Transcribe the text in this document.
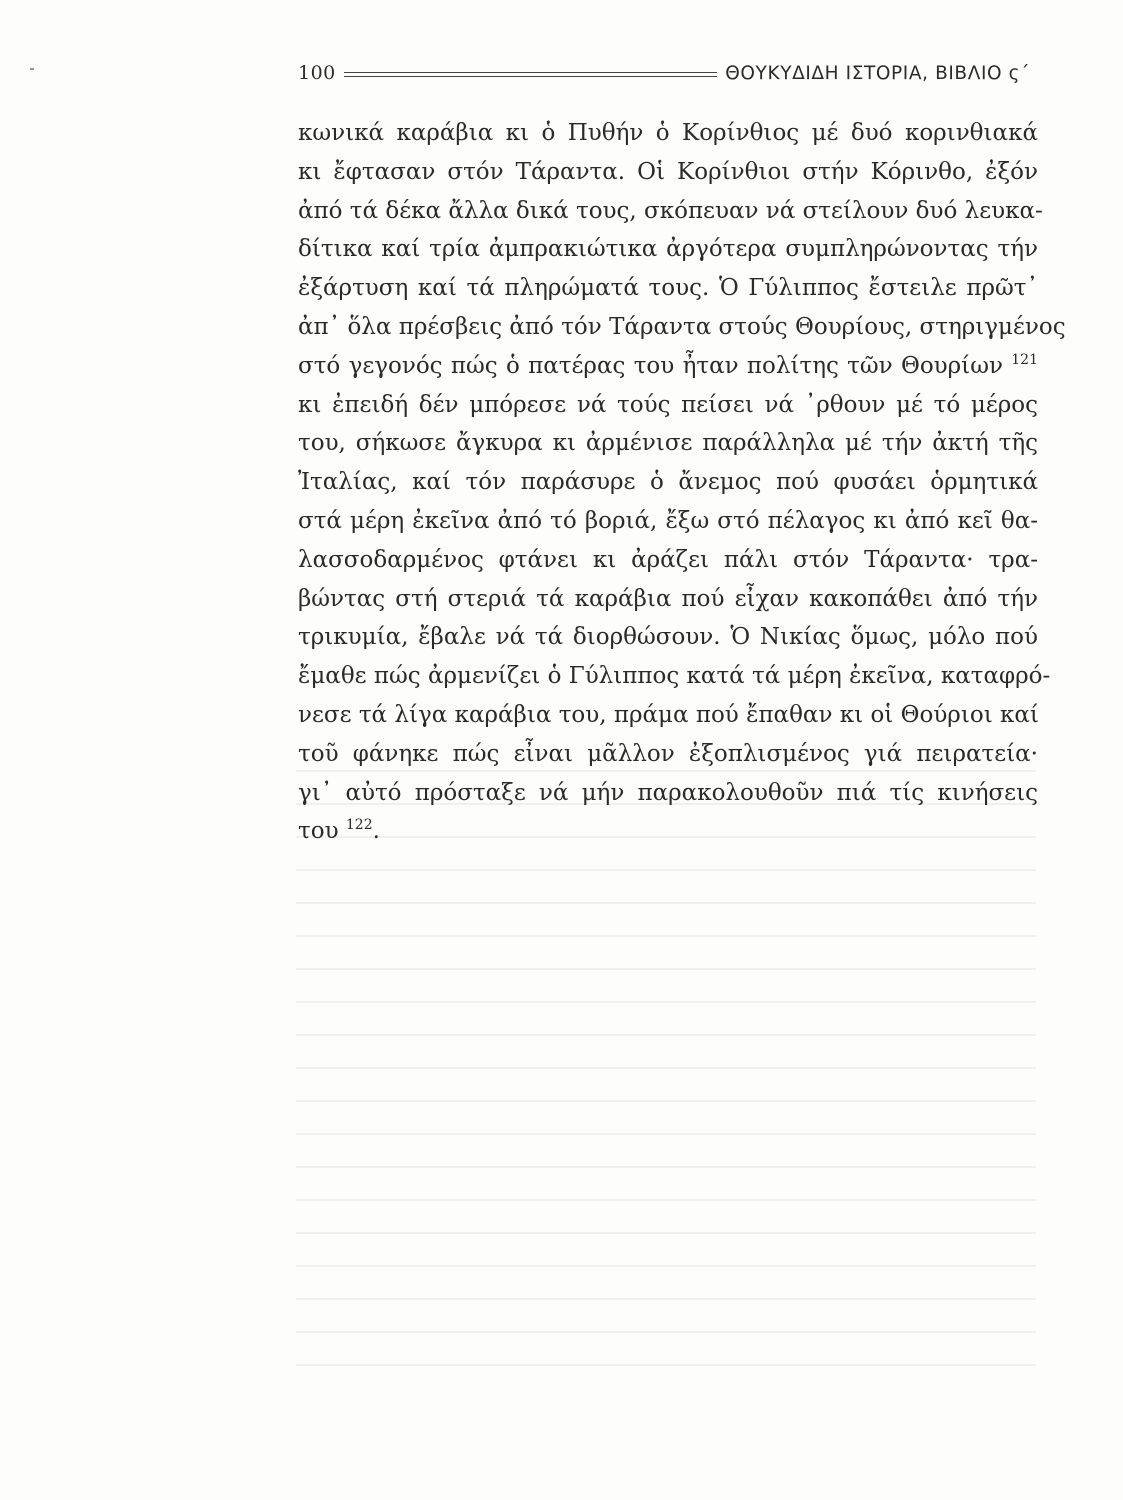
100	ΘΟΥΚΥΔΙΔΗ ΙΣΤΟΡΙΑ, ΒΙΒΛΙΟ ς΄
κωνικά καράβια κι ὁ Πυθήν ὁ Κορίνθιος μέ δυό κορινθιακά
κι ἔφτασαν στόν Τάραντα. Οἱ Κορίνθιοι στήν Κόρινθο, ἐξόν
ἀπό τά δέκα ἄλλα δικά τους, σκόπευαν νά στείλουν δυό λευκα-
δίτικα καί τρία ἀμπρακιώτικα ἀργότερα συμπληρώνοντας τήν
ἐξάρτυση καί τά πληρώματά τους. Ὁ Γύλιππος ἔστειλε πρῶτ᾽
ἀπ᾽ ὅλα πρέσβεις ἀπό τόν Τάραντα στούς Θουρίους, στηριγμένος
στό γεγονός πώς ὁ πατέρας του ἦταν πολίτης τῶν Θουρίων $^{121}$
κι ἐπειδή δέν μπόρεσε νά τούς πείσει νά ᾽ρθουν μέ τό μέρος
του, σήκωσε ἄγκυρα κι ἀρμένισε παράλληλα μέ τήν ἀκτή τῆς
Ἰταλίας, καί τόν παράσυρε ὁ ἄνεμος πού φυσάει ὁρμητικά
στά μέρη ἐκεῖνα ἀπό τό βοριά, ἔξω στό πέλαγος κι ἀπό κεῖ θα-
λασσοδαρμένος φτάνει κι ἀράζει πάλι στόν Τάραντα· τρα-
βώντας στή στεριά τά καράβια πού εἶχαν κακοπάθει ἀπό τήν
τρικυμία, ἔβαλε νά τά διορθώσουν. Ὁ Νικίας ὅμως, μόλο πού
ἔμαθε πώς ἀρμενίζει ὁ Γύλιππος κατά τά μέρη ἐκεῖνα, καταφρό-
νεσε τά λίγα καράβια του, πράμα πού ἔπαθαν κι οἱ Θούριοι καί
τοῦ φάνηκε πώς εἶναι μᾶλλον ἐξοπλισμένος γιά πειρατεία·
γι᾽ αὐτό πρόσταξε νά μήν παρακολουθοῦν πιά τίς κινήσεις
του $^{122}$.
